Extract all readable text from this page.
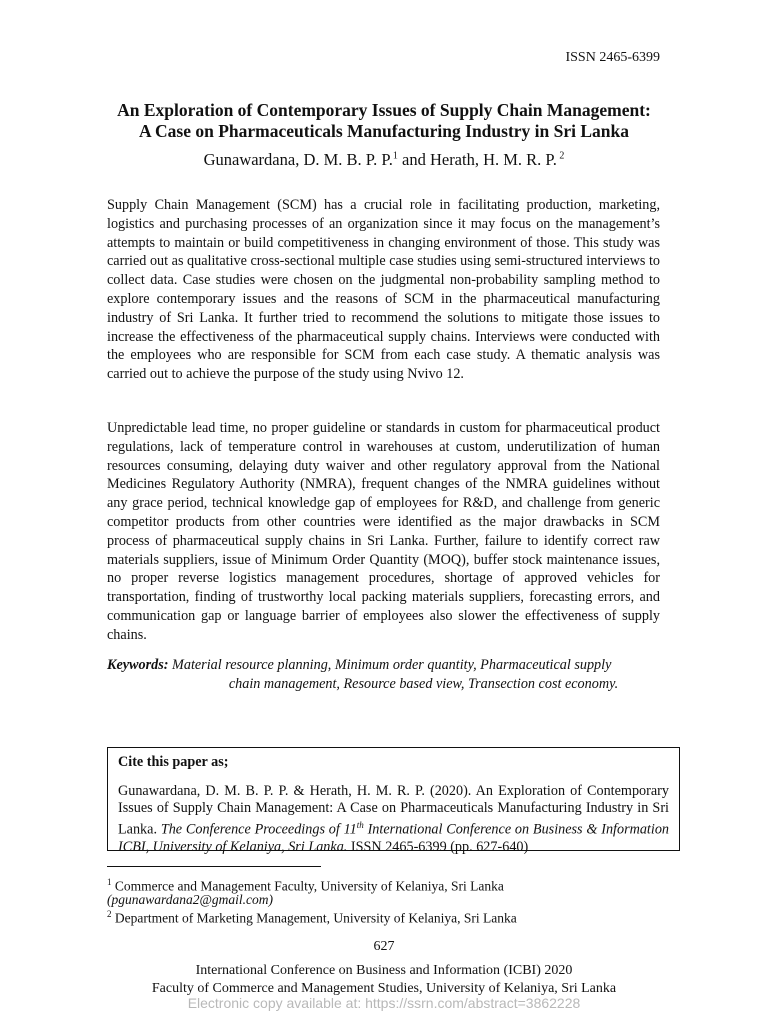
ISSN 2465-6399
An Exploration of Contemporary Issues of Supply Chain Management:
A Case on Pharmaceuticals Manufacturing Industry in Sri Lanka
Gunawardana, D. M. B. P. P.$^1$ and Herath, H. M. R. P. $^2$

Supply Chain Management (SCM) has a crucial role in facilitating production, marketing, logistics and purchasing processes of an organization since it may focus on the management’s attempts to maintain or build competitiveness in changing environment of those. This study was carried out as qualitative cross-sectional multiple case studies using semi-structured interviews to collect data. Case studies were chosen on the judgmental non-probability sampling method to explore contemporary issues and the reasons of SCM in the pharmaceutical manufacturing industry of Sri Lanka. It further tried to recommend the solutions to mitigate those issues to increase the effectiveness of the pharmaceutical supply chains. Interviews were conducted with the employees who are responsible for SCM from each case study. A thematic analysis was carried out to achieve the purpose of the study using Nvivo 12.

Unpredictable lead time, no proper guideline or standards in custom for pharmaceutical product regulations, lack of temperature control in warehouses at custom, underutilization of human resources consuming, delaying duty waiver and other regulatory approval from the National Medicines Regulatory Authority (NMRA), frequent changes of the NMRA guidelines without any grace period, technical knowledge gap of employees for R&D, and challenge from generic competitor products from other countries were identified as the major drawbacks in SCM process of pharmaceutical supply chains in Sri Lanka. Further, failure to identify correct raw materials suppliers, issue of Minimum Order Quantity (MOQ), buffer stock maintenance issues, no proper reverse logistics management procedures, shortage of approved vehicles for transportation, finding of trustworthy local packing materials suppliers, forecasting errors, and communication gap or language barrier of employees also slower the effectiveness of supply chains.

Keywords: Material resource planning, Minimum order quantity, Pharmaceutical supply
chain management, Resource based view, Transection cost economy.
Cite this paper as;

Gunawardana, D. M. B. P. P. & Herath, H. M. R. P. (2020). An Exploration of Contemporary Issues of Supply Chain Management: A Case on Pharmaceuticals Manufacturing Industry in Sri Lanka. The Conference Proceedings of 11th International Conference on Business & Information ICBI, University of Kelaniya, Sri Lanka. ISSN 2465-6399 (pp. 627-640)

$^1$ Commerce and Management Faculty, University of Kelaniya, Sri Lanka
(pgunawardana2@gmail.com)
$^2$ Department of Marketing Management, University of Kelaniya, Sri Lanka
627
International Conference on Business and Information (ICBI) 2020
Faculty of Commerce and Management Studies, University of Kelaniya, Sri Lanka
Electronic copy available at: https://ssrn.com/abstract=3862228
